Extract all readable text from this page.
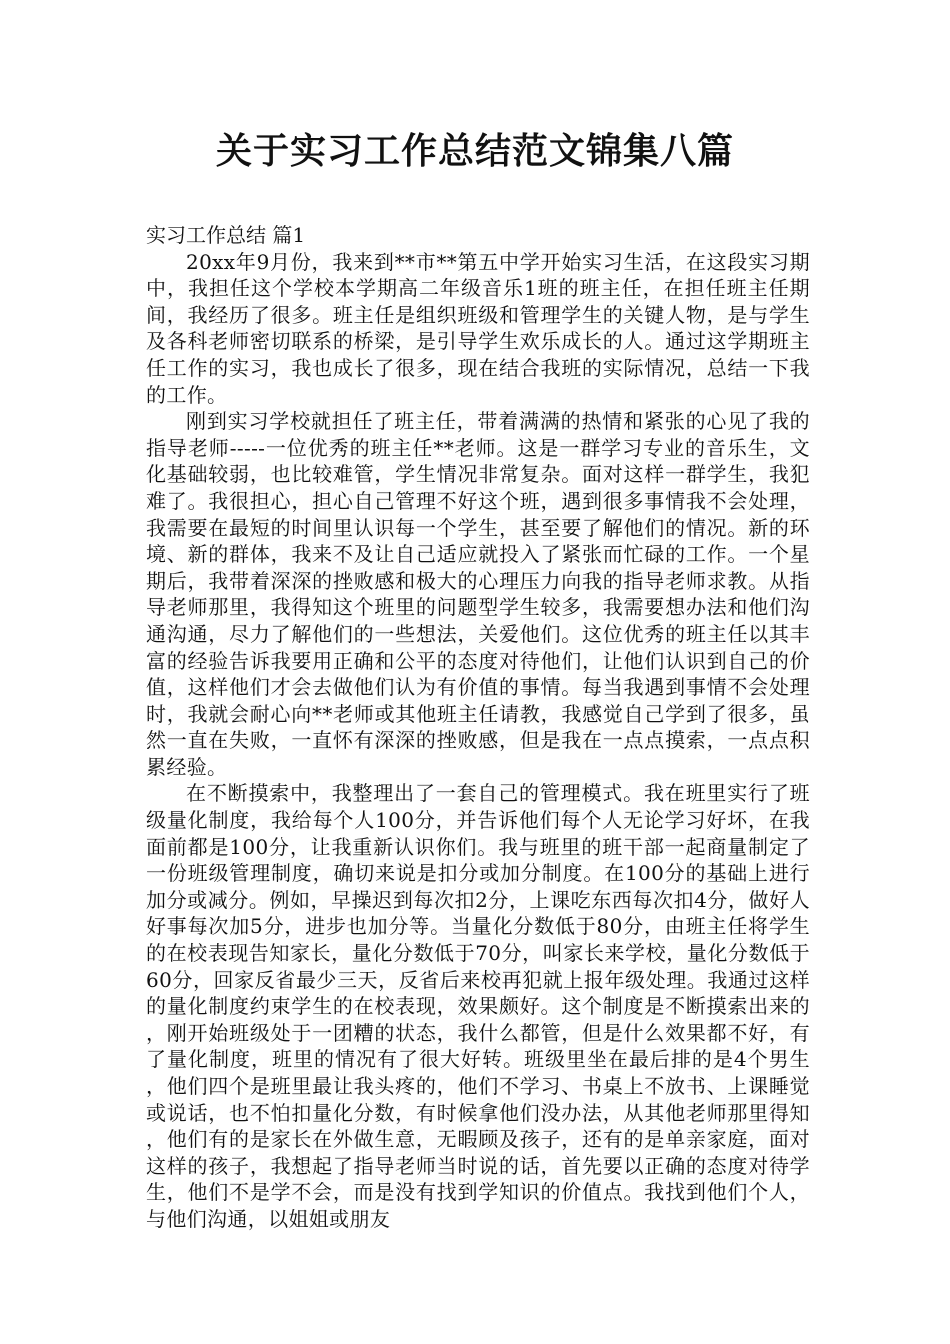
关于实习工作总结范文锦集八篇

实习工作总结 篇1

20xx年9月份，我来到**市**第五中学开始实习生活，在这段实习期中，我担任这个学校本学期高二年级音乐1班的班主任，在担任班主任期间，我经历了很多。班主任是组织班级和管理学生的关键人物，是与学生及各科老师密切联系的桥梁，是引导学生欢乐成长的人。通过这学期班主任工作的实习，我也成长了很多，现在结合我班的实际情况，总结一下我的工作。

刚到实习学校就担任了班主任，带着满满的热情和紧张的心见了我的指导老师-----一位优秀的班主任**老师。这是一群学习专业的音乐生，文化基础较弱，也比较难管，学生情况非常复杂。面对这样一群学生，我犯难了。我很担心，担心自己管理不好这个班，遇到很多事情我不会处理，我需要在最短的时间里认识每一个学生，甚至要了解他们的情况。新的环境、新的群体，我来不及让自己适应就投入了紧张而忙碌的工作。一个星期后，我带着深深的挫败感和极大的心理压力向我的指导老师求教。从指导老师那里，我得知这个班里的问题型学生较多，我需要想办法和他们沟通沟通，尽力了解他们的一些想法，关爱他们。这位优秀的班主任以其丰富的经验告诉我要用正确和公平的态度对待他们，让他们认识到自己的价值，这样他们才会去做他们认为有价值的事情。每当我遇到事情不会处理时，我就会耐心向**老师或其他班主任请教，我感觉自己学到了很多，虽然一直在失败，一直怀有深深的挫败感，但是我在一点点摸索，一点点积累经验。

在不断摸索中，我整理出了一套自己的管理模式。我在班里实行了班级量化制度，我给每个人100分，并告诉他们每个人无论学习好坏，在我面前都是100分，让我重新认识你们。我与班里的班干部一起商量制定了一份班级管理制度，确切来说是扣分或加分制度。在100分的基础上进行加分或减分。例如，早操迟到每次扣2分，上课吃东西每次扣4分，做好人好事每次加5分，进步也加分等。当量化分数低于80分，由班主任将学生的在校表现告知家长，量化分数低于70分，叫家长来学校，量化分数低于60分，回家反省最少三天，反省后来校再犯就上报年级处理。我通过这样的量化制度约束学生的在校表现，效果颇好。这个制度是不断摸索出来的，刚开始班级处于一团糟的状态，我什么都管，但是什么效果都不好，有了量化制度，班里的情况有了很大好转。班级里坐在最后排的是4个男生，他们四个是班里最让我头疼的，他们不学习、书桌上不放书、上课睡觉或说话，也不怕扣量化分数，有时候拿他们没办法，从其他老师那里得知，他们有的是家长在外做生意，无暇顾及孩子，还有的是单亲家庭，面对这样的孩子，我想起了指导老师当时说的话，首先要以正确的态度对待学生，他们不是学不会，而是没有找到学知识的价值点。我找到他们个人，与他们沟通，以姐姐或朋友
